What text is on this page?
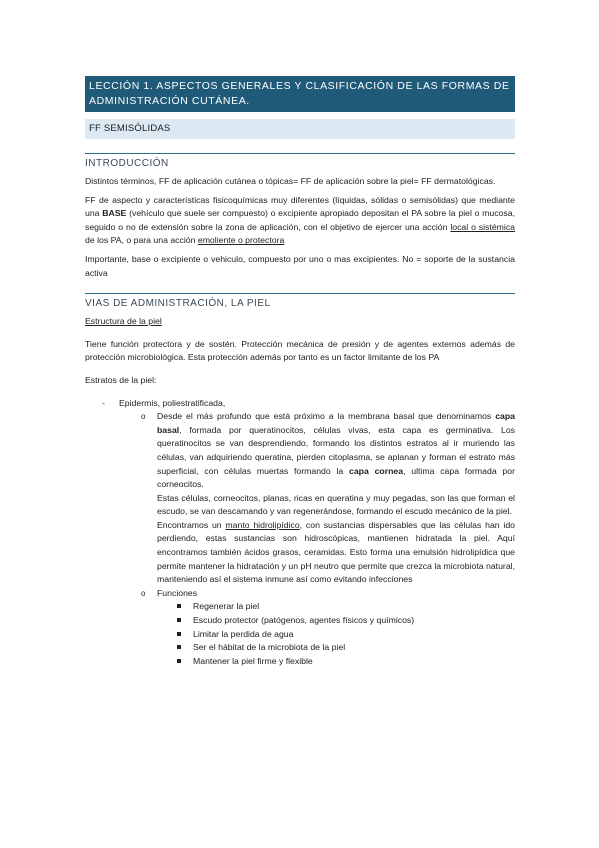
LECCIÓN 1. ASPECTOS GENERALES Y CLASIFICACIÓN DE LAS FORMAS DE ADMINISTRACIÓN CUTÁNEA.
FF SEMISÓLIDAS
INTRODUCCIÓN
Distintos términos, FF de aplicación cutánea o tópicas= FF de aplicación sobre la piel= FF dermatológicas.
FF de aspecto y características fisicoquímicas muy diferentes (líquidas, sólidas o semisólidas) que mediante una BASE (vehículo que suele ser compuesto) o excipiente apropiado depositan el PA sobre la piel o mucosa, seguido o no de extensión sobre la zona de aplicación, con el objetivo de ejercer una acción local o sistémica de los PA, o para una acción emoliente o protectora
Importante, base o excipiente o vehiculo, compuesto por uno o mas excipientes. No = soporte de la sustancia activa
VIAS DE ADMINISTRACIÓN, LA PIEL
Estructura de la piel
Tiene función protectora y de sostén. Protección mecánica de presión y de agentes externos además de protección microbiológica. Esta protección además por tanto es un factor limitante de los PA
Estratos de la piel:
- Epidermis, poliestratificada,
o Desde el más profundo que está próximo a la membrana basal que denominamos capa basal, formada por queratinocitos, células vivas, esta capa es germinativa. Los queratinocitos se van desprendiendo, formando los distintos estratos al ir muriendo las células, van adquiriendo queratina, pierden citoplasma, se aplanan y forman el estrato más superficial, con células muertas formando la capa cornea, ultima capa formada por corneocitos.
Estas células, corneocitos, planas, ricas en queratina y muy pegadas, son las que forman el escudo, se van descamando y van regenerándose, formando el escudo mecánico de la piel.
Encontramos un manto hidrolipídico, con sustancias dispersables que las células han ido perdiendo, estas sustancias son hidroscópicas, mantienen hidratada la piel. Aquí encontramos también ácidos grasos, ceramidas. Esto forma una emulsión hidrolipídica que permite mantener la hidratación y un pH neutro que permite que crezca la microbiota natural, manteniendo así el sistema inmune así como evitando infecciones
o Funciones
Regenerar la piel
Escudo protector (patógenos, agentes físicos y químicos)
Limitar la perdida de agua
Ser el hábitat de la microbiota de la piel
Mantener la piel firme y flexible
